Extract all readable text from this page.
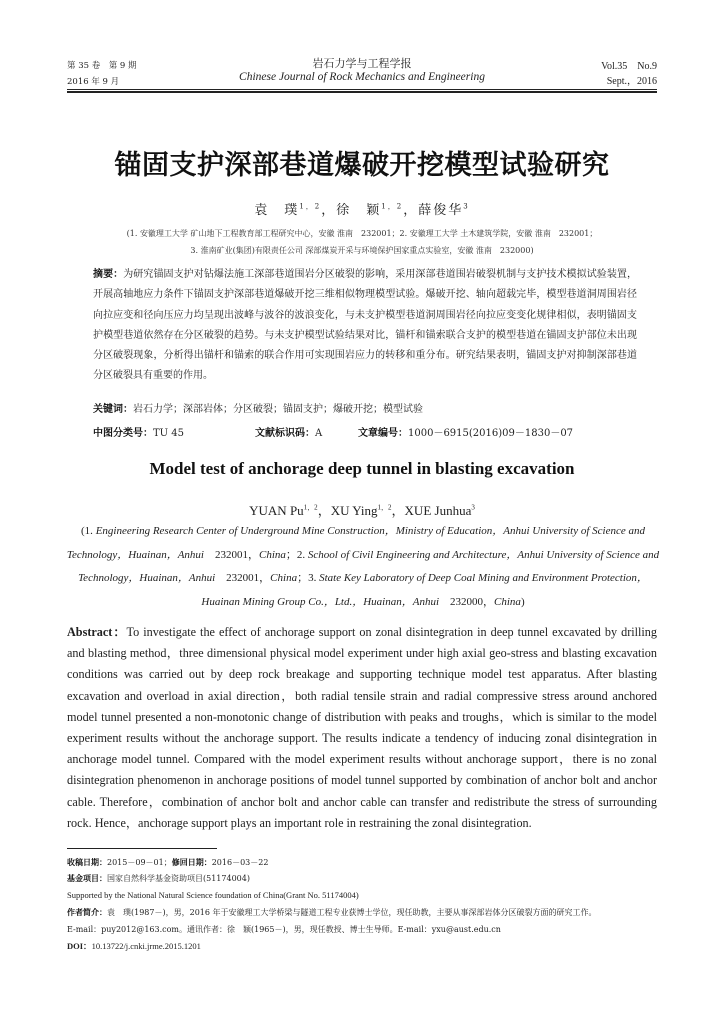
第 35 卷　第 9 期
2016 年 9 月
岩石力学与工程学报
Chinese Journal of Rock Mechanics and Engineering
Vol.35　No.9
Sept.，2016
锚固支护深部巷道爆破开挖模型试验研究
袁　璞$^{1,2}$，徐　颖$^{1,2}$，薛俊华$^3$
(1. 安徽理工大学 矿山地下工程教育部工程研究中心，安徽 淮南　232001；2. 安徽理工大学 土木建筑学院，安徽 淮南　232001；
3. 淮南矿业(集团)有限责任公司 深部煤炭开采与环境保护国家重点实验室，安徽 淮南　232000)
摘要：为研究锚固支护对钻爆法施工深部巷道围岩分区破裂的影响，采用深部巷道围岩破裂机制与支护技术模拟试验装置，开展高轴地应力条件下锚固支护深部巷道爆破开挖三维相似物理模型试验。爆破开挖、轴向超载完毕，模型巷道洞周围岩径向拉应变和径向压应力均呈现出波峰与波谷的波浪变化，与未支护模型巷道洞周围岩径向拉应变变化规律相似，表明锚固支护模型巷道依然存在分区破裂的趋势。与未支护模型试验结果对比，锚杆和锚索联合支护的模型巷道在锚固支护部位未出现分区破裂现象，分析得出锚杆和锚索的联合作用可实现围岩应力的转移和重分布。研究结果表明，锚固支护对抑制深部巷道分区破裂具有重要的作用。
关键词：岩石力学；深部岩体；分区破裂；锚固支护；爆破开挖；模型试验
中图分类号：TU 45	文献标识码：A	文章编号：1000－6915(2016)09－1830－07
Model test of anchorage deep tunnel in blasting excavation
YUAN $Pu^{1,2}$，XU Ying$^{1,2}$，XUE Junhua$^3$
(1. Engineering Research Center of Underground Mine Construction，Ministry of Education，Anhui University of Science and Technology，Huainan，Anhui　232001，China；2. School of Civil Engineering and Architecture，Anhui University of Science and Technology，Huainan，Anhui　232001，China；3. State Key Laboratory of Deep Coal Mining and Environment Protection，Huainan Mining Group Co.，Ltd.，Huainan，Anhui　232000，China)
Abstract：To investigate the effect of anchorage support on zonal disintegration in deep tunnel excavated by drilling and blasting method，three dimensional physical model experiment under high axial geo-stress and blasting excavation conditions was carried out by deep rock breakage and supporting technique model test apparatus. After blasting excavation and overload in axial direction，both radial tensile strain and radial compressive stress around anchored model tunnel presented a non-monotonic change of distribution with peaks and troughs，which is similar to the model experiment results without the anchorage support. The results indicate a tendency of inducing zonal disintegration in anchorage model tunnel. Compared with the model experiment results without anchorage support，there is no zonal disintegration phenomenon in anchorage positions of model tunnel supported by combination of anchor bolt and anchor cable. Therefore，combination of anchor bolt and anchor cable can transfer and redistribute the stress of surrounding rock. Hence，anchorage support plays an important role in restraining the zonal disintegration.
收稿日期：2015－09－01；修回日期：2016－03－22
基金项目：国家自然科学基金资助项目(51174004)
Supported by the National Natural Science foundation of China(Grant No. 51174004)
作者简介：袁　璞(1987－)，男，2016 年于安徽理工大学桥梁与隧道工程专业获博士学位，现任助教，主要从事深部岩体分区破裂方面的研究工作。
E-mail：puy2012@163.com。通讯作者：徐　颖(1965－)，男，现任教授、博士生导师。E-mail：yxu@aust.edu.cn
DOI：10.13722/j.cnki.jrme.2015.1201
